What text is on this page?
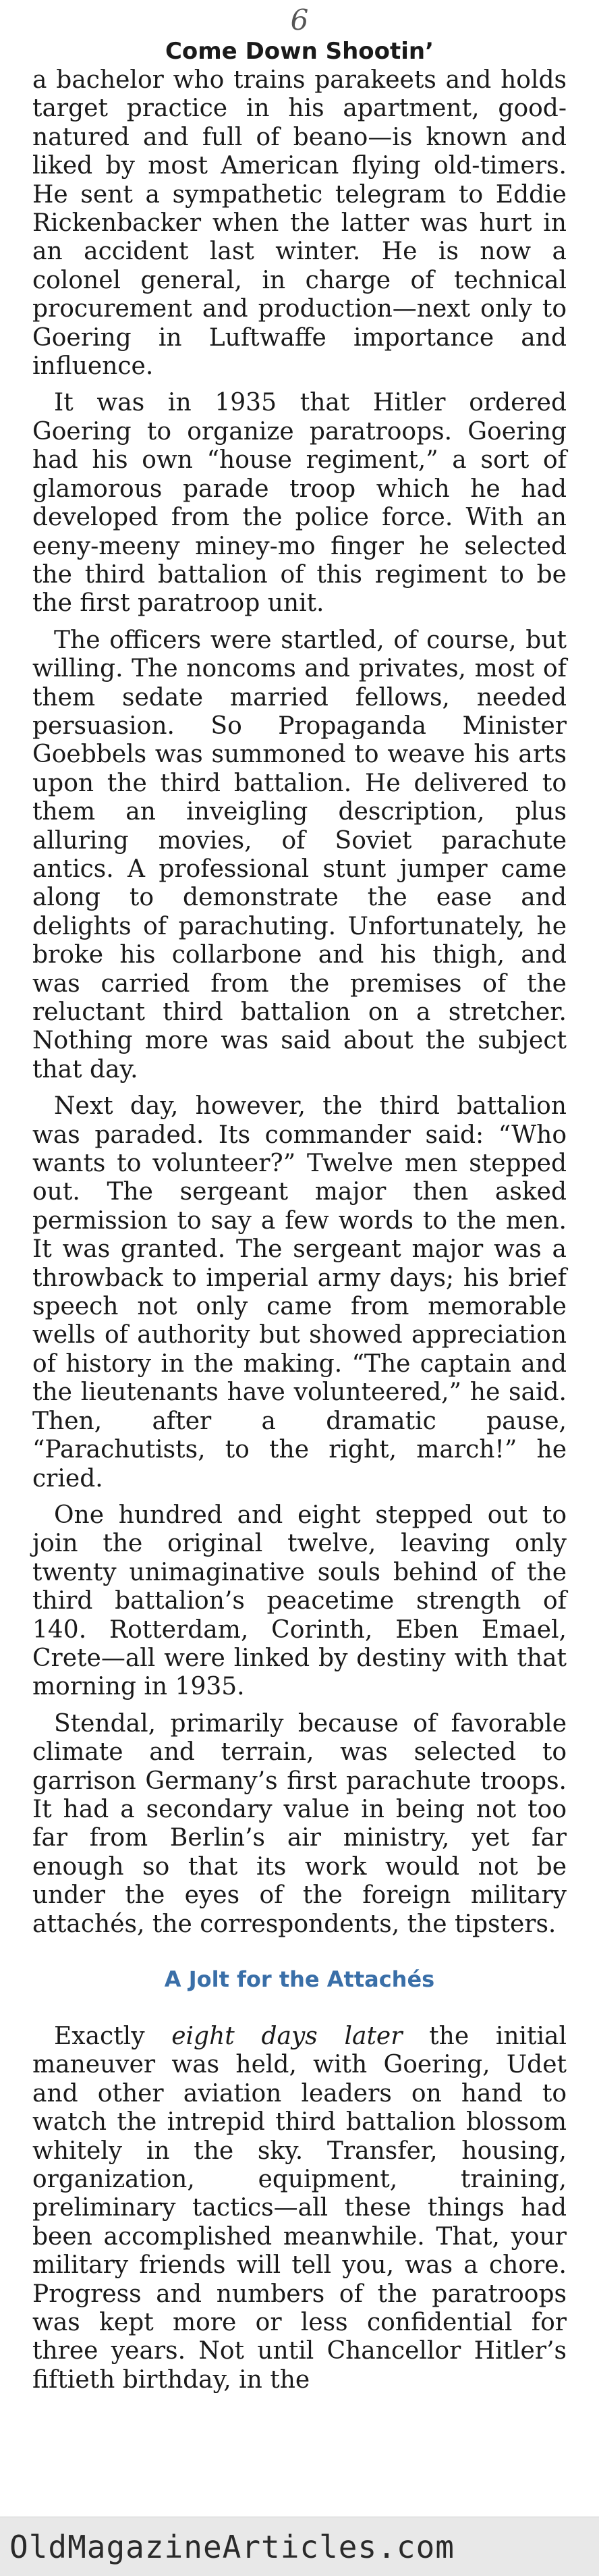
6
Come Down Shootin’

a bachelor who trains parakeets and holds target practice in his apartment, good-natured and full of beano—is known and liked by most American flying old-timers. He sent a sympathetic telegram to Eddie Rickenbacker when the latter was hurt in an accident last winter. He is now a colonel general, in charge of technical procurement and production—next only to Goering in Luftwaffe importance and influence.

It was in 1935 that Hitler ordered Goering to organize paratroops. Goering had his own “house regiment,” a sort of glamorous parade troop which he had developed from the police force. With an eeny-meeny miney-mo finger he selected the third battalion of this regiment to be the first paratroop unit.

The officers were startled, of course, but willing. The noncoms and privates, most of them sedate married fellows, needed persuasion. So Propaganda Minister Goebbels was summoned to weave his arts upon the third battalion. He delivered to them an inveigling description, plus alluring movies, of Soviet parachute antics. A professional stunt jumper came along to demonstrate the ease and delights of parachuting. Unfortunately, he broke his collarbone and his thigh, and was carried from the premises of the reluctant third battalion on a stretcher. Nothing more was said about the subject that day.

Next day, however, the third battalion was paraded. Its commander said: “Who wants to volunteer?” Twelve men stepped out. The sergeant major then asked permission to say a few words to the men. It was granted. The sergeant major was a throwback to imperial army days; his brief speech not only came from memorable wells of authority but showed appreciation of history in the making. “The captain and the lieutenants have volunteered,” he said. Then, after a dramatic pause, “Parachutists, to the right, march!” he cried.

One hundred and eight stepped out to join the original twelve, leaving only twenty unimaginative souls behind of the third battalion’s peacetime strength of 140. Rotterdam, Corinth, Eben Emael, Crete—all were linked by destiny with that morning in 1935.

Stendal, primarily because of favorable climate and terrain, was selected to garrison Germany’s first parachute troops. It had a secondary value in being not too far from Berlin’s air ministry, yet far enough so that its work would not be under the eyes of the foreign military attachés, the correspondents, the tipsters.

A Jolt for the Attachés

Exactly eight days later the initial maneuver was held, with Goering, Udet and other aviation leaders on hand to watch the intrepid third battalion blossom whitely in the sky. Transfer, housing, organization, equipment, training, preliminary tactics—all these things had been accomplished meanwhile. That, your military friends will tell you, was a chore. Progress and numbers of the paratroops was kept more or less confidential for three years. Not until Chancellor Hitler’s fiftieth birthday, in the

OldMagazineArticles.com
